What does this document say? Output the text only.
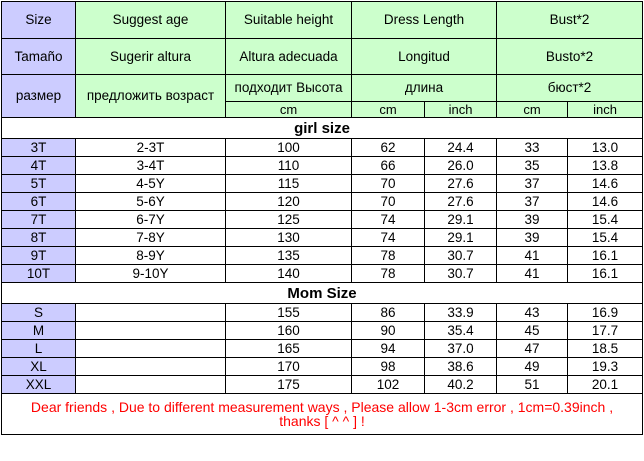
Size	Suggest age	Suitable height	Dress Length		Bust*2	
Tamaño	Sugerir altura	Altura adecuada	Longitud		Busto*2	
размер	предложить возраст	подходит Высота	длина		бюст*2	
		cm	cm	inch	cm	inch
girl size						
3T	2-3T	100	62	24.4	33	13.0
4T	3-4T	110	66	26.0	35	13.8
5T	4-5Y	115	70	27.6	37	14.6
6T	5-6Y	120	70	27.6	37	14.6
7T	6-7Y	125	74	29.1	39	15.4
8T	7-8Y	130	74	29.1	39	15.4
9T	8-9Y	135	78	30.7	41	16.1
10T	9-10Y	140	78	30.7	41	16.1
Mom Size						
S		155	86	33.9	43	16.9
M		160	90	35.4	45	17.7
L		165	94	37.0	47	18.5
XL		170	98	38.6	49	19.3
XXL		175	102	40.2	51	20.1
Dear friends , Due to different measurement ways , Please allow 1-3cm error , 1cm=0.39inch ,
thanks [ ^ ^ ] !						
